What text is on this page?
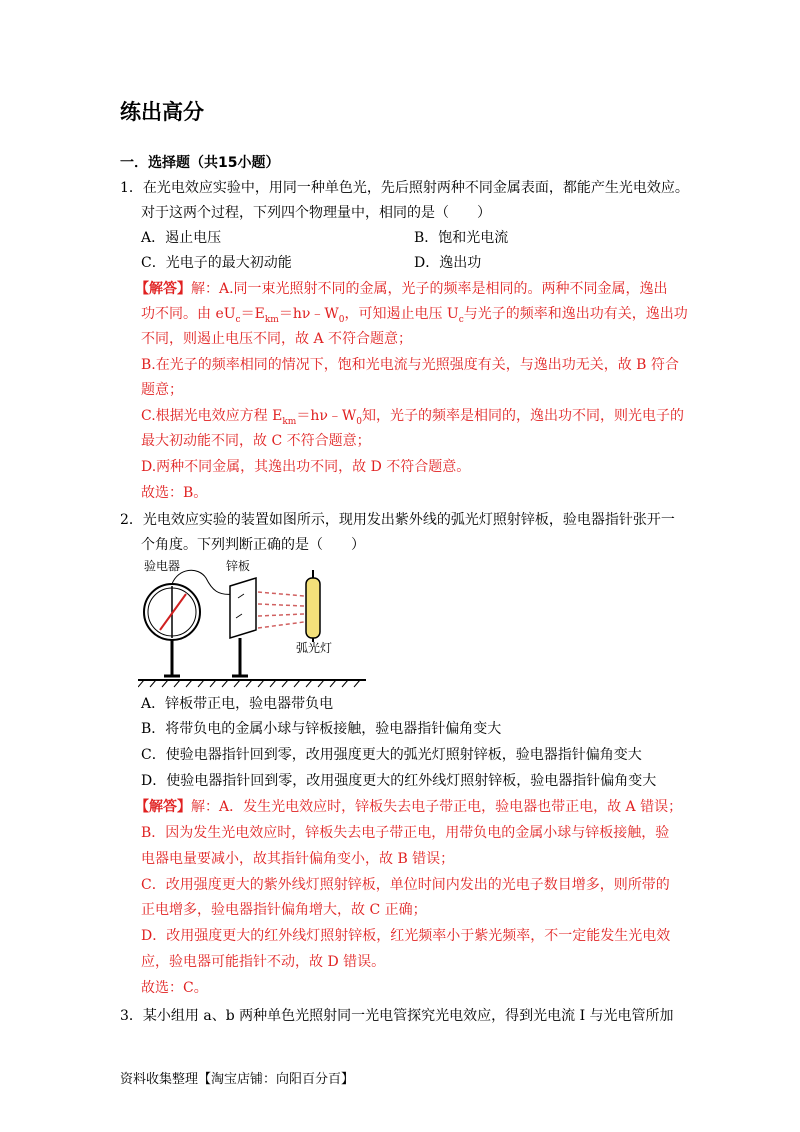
练出高分
一．选择题（共15小题）
1．在光电效应实验中，用同一种单色光，先后照射两种不同金属表面，都能产生光电效应。
对于这两个过程，下列四个物理量中，相同的是（　　）
A．遏止电压	B．饱和光电流
C．光电子的最大初动能	D．逸出功
【解答】解：A.同一束光照射不同的金属，光子的频率是相同的。两种不同金属，逸出
功不同。由 $eU_c=E_{km}=h\nu﹣W_0$，可知遏止电压 $U_c$与光子的频率和逸出功有关，逸出功
不同，则遏止电压不同，故 A 不符合题意；
B.在光子的频率相同的情况下，饱和光电流与光照强度有关，与逸出功无关，故 B 符合
题意；
C.根据光电效应方程 $E_{km}=h\nu﹣W_0$知，光子的频率是相同的，逸出功不同，则光电子的
最大初动能不同，故 C 不符合题意；
D.两种不同金属，其逸出功不同，故 D 不符合题意。
故选：B。
2．光电效应实验的装置如图所示，现用发出紫外线的弧光灯照射锌板，验电器指针张开一
个角度。下列判断正确的是（　　）
验电器	锌板
弧光灯
A．锌板带正电，验电器带负电
B．将带负电的金属小球与锌板接触，验电器指针偏角变大
C．使验电器指针回到零，改用强度更大的弧光灯照射锌板，验电器指针偏角变大
D．使验电器指针回到零，改用强度更大的红外线灯照射锌板，验电器指针偏角变大
【解答】解：A．发生光电效应时，锌板失去电子带正电，验电器也带正电，故 A 错误；
B．因为发生光电效应时，锌板失去电子带正电，用带负电的金属小球与锌板接触，验
电器电量要减小，故其指针偏角变小，故 B 错误；
C．改用强度更大的紫外线灯照射锌板，单位时间内发出的光电子数目增多，则所带的
正电增多，验电器指针偏角增大，故 C 正确；
D．改用强度更大的红外线灯照射锌板，红光频率小于紫光频率，不一定能发生光电效
应，验电器可能指针不动，故 D 错误。
故选：C。
3．某小组用 a、b 两种单色光照射同一光电管探究光电效应，得到光电流 I 与光电管所加
资料收集整理【淘宝店铺：向阳百分百】
